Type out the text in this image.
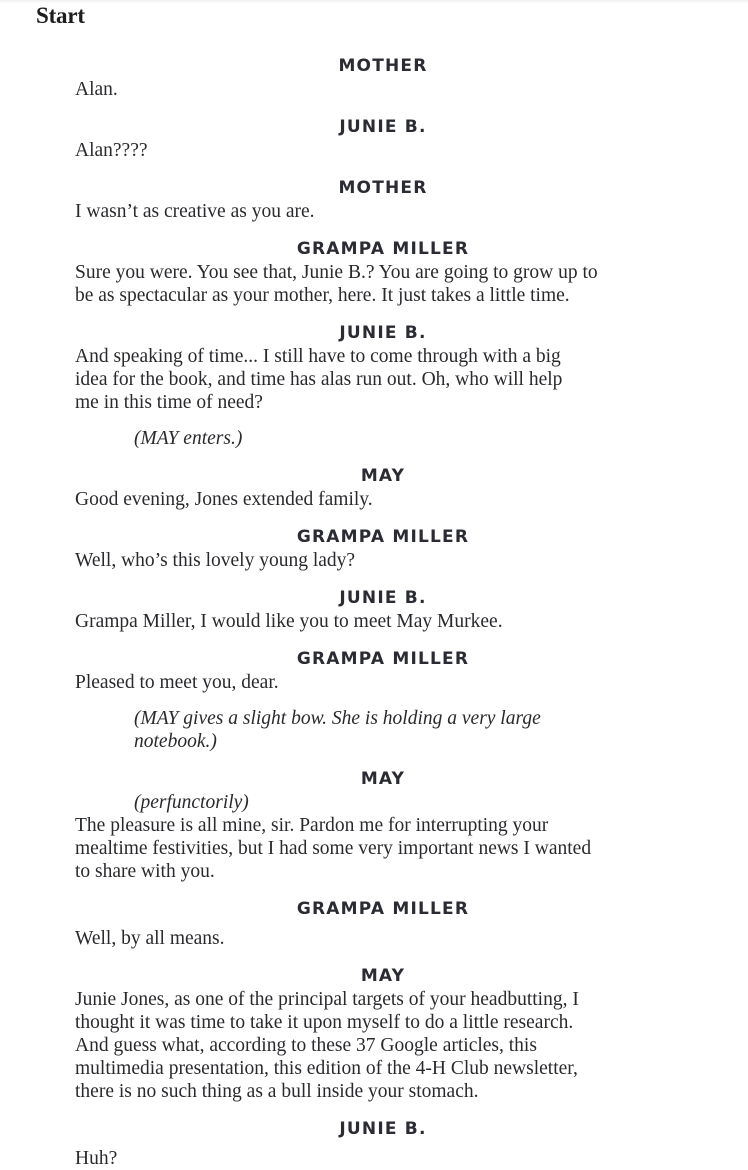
Start
MOTHER
Alan.
JUNIE B.
Alan????
MOTHER
I wasn’t as creative as you are.
GRAMPA MILLER
Sure you were. You see that, Junie B.? You are going to grow up to
be as spectacular as your mother, here. It just takes a little time.
JUNIE B.
And speaking of time... I still have to come through with a big
idea for the book, and time has alas run out. Oh, who will help
me in this time of need?
(MAY enters.)
MAY
Good evening, Jones extended family.
GRAMPA MILLER
Well, who’s this lovely young lady?
JUNIE B.
Grampa Miller, I would like you to meet May Murkee.
GRAMPA MILLER
Pleased to meet you, dear.
(MAY gives a slight bow. She is holding a very large
notebook.)
MAY
(perfunctorily)
The pleasure is all mine, sir. Pardon me for interrupting your
mealtime festivities, but I had some very important news I wanted
to share with you.
GRAMPA MILLER
Well, by all means.
MAY
Junie Jones, as one of the principal targets of your headbutting, I
thought it was time to take it upon myself to do a little research.
And guess what, according to these 37 Google articles, this
multimedia presentation, this edition of the 4-H Club newsletter,
there is no such thing as a bull inside your stomach.
JUNIE B.
Huh?
